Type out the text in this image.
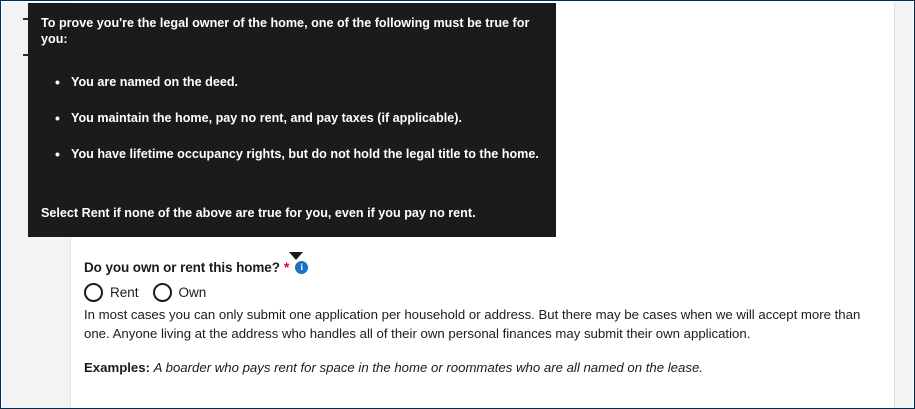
Do you own or rent this home? *	i
Rent	Own

In most cases you can only submit one application per household or address. But there may be cases when we will accept more than one. Anyone living at the address who handles all of their own personal finances may submit their own application.

Examples: A boarder who pays rent for space in the home or roommates who are all named on the lease.

To prove you're the legal owner of the home, one of the following must be true for you:

• You are named on the deed.
• You maintain the home, pay no rent, and pay taxes (if applicable).
• You have lifetime occupancy rights, but do not hold the legal title to the home.

Select Rent if none of the above are true for you, even if you pay no rent.
